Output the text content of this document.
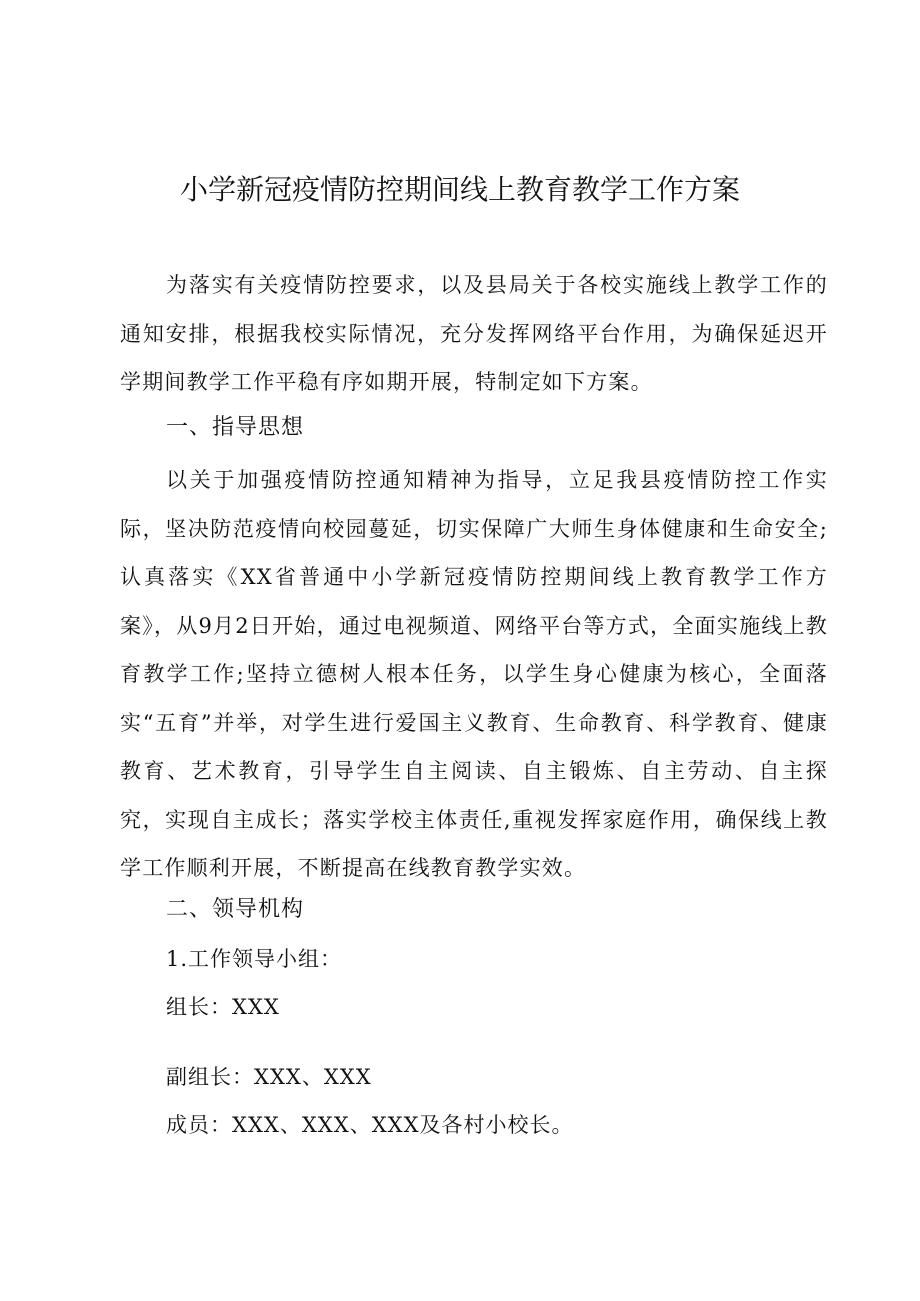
小学新冠疫情防控期间线上教育教学工作方案

为落实有关疫情防控要求，以及县局关于各校实施线上教学工作的通知安排，根据我校实际情况，充分发挥网络平台作用，为确保延迟开学期间教学工作平稳有序如期开展，特制定如下方案。

一、指导思想

以关于加强疫情防控通知精神为指导，立足我县疫情防控工作实际，坚决防范疫情向校园蔓延，切实保障广大师生身体健康和生命安全;认真落实《XX省普通中小学新冠疫情防控期间线上教育教学工作方案》，从9月2日开始，通过电视频道、网络平台等方式，全面实施线上教育教学工作;坚持立德树人根本任务，以学生身心健康为核心，全面落实“五育”并举，对学生进行爱国主义教育、生命教育、科学教育、健康教育、艺术教育，引导学生自主阅读、自主锻炼、自主劳动、自主探究，实现自主成长；落实学校主体责任,重视发挥家庭作用，确保线上教学工作顺利开展，不断提高在线教育教学实效。

二、领导机构
1.工作领导小组：
组长：XXX
副组长：XXX、XXX
成员：XXX、XXX、XXX及各村小校长。
